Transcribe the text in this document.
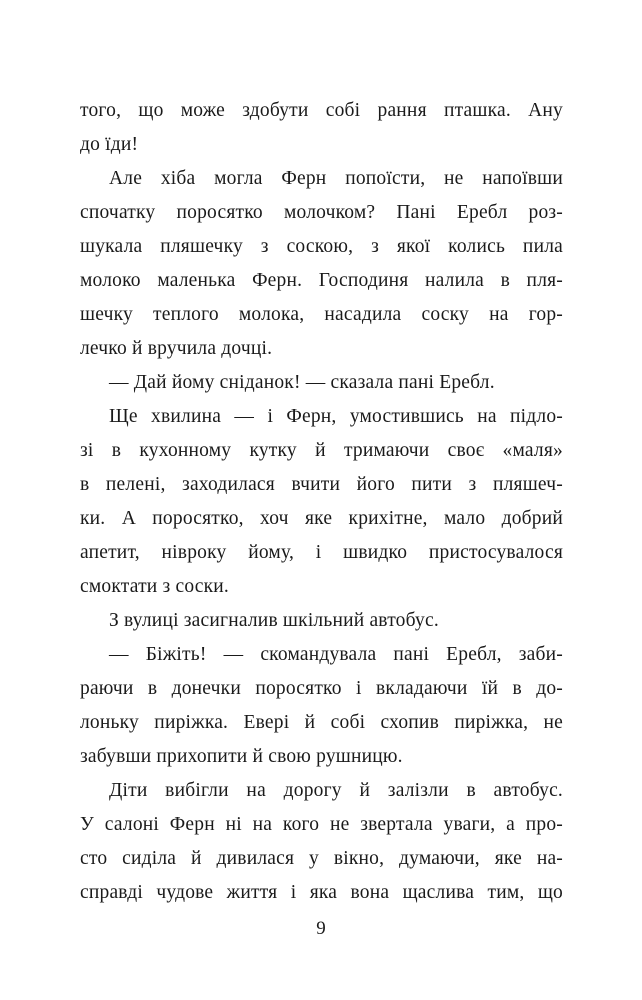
того, що може здобути собі рання пташка. Ану
до їди!
Але хіба могла Ферн попоїсти, не напоївши
спочатку поросятко молочком? Пані Еребл роз-
шукала пляшечку з соскою, з якої колись пила
молоко маленька Ферн. Господиня налила в пля-
шечку теплого молока, насадила соску на гор-
лечко й вручила дочці.
— Дай йому сніданок! — сказала пані Еребл.
Ще хвилина — і Ферн, умостившись на підло-
зі в кухонному кутку й тримаючи своє «маля»
в пелені, заходилася вчити його пити з пляшеч-
ки. А поросятко, хоч яке крихітне, мало добрий
апетит, нівроку йому, і швидко пристосувалося
смоктати з соски.
З вулиці засигналив шкільний автобус.
— Біжіть! — скомандувала пані Еребл, заби-
раючи в донечки поросятко і вкладаючи їй в до-
лоньку пиріжка. Евері й собі схопив пиріжка, не
забувши прихопити й свою рушницю.
Діти вибігли на дорогу й залізли в автобус.
У салоні Ферн ні на кого не звертала уваги, а про-
сто сиділа й дивилася у вікно, думаючи, яке на-
справді чудове життя і яка вона щаслива тим, що
9
